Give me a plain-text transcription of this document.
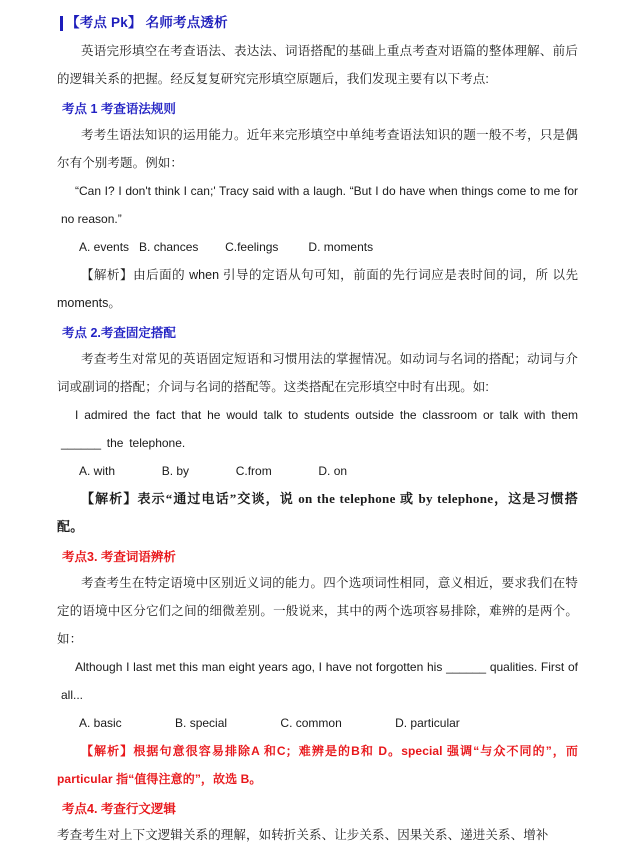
【考点 Pk】 名师考点透析

英语完形填空在考查语法、表达法、词语搭配的基础上重点考查对语篇的整体理解、前后的逻辑关系的把握。经反复复研究完形填空原题后，我们发现主要有以下考点:

考点 1 考查语法规则

考考生语法知识的运用能力。近年来完形填空中单纯考查语法知识的题一般不考，只是偶尔有个别考题。例如：

“Can I? I don't think I can;' Tracy said with a laugh. “But I do have when things come to me for no reason.”

A. events   B. chances        C.feelings         D. moments

【解析】由后面的 when 引导的定语从句可知，前面的先行词应是表时间的词，所 以先 moments。

考点 2.考查固定搭配

考查考生对常见的英语固定短语和习惯用法的掌握情况。如动词与名词的搭配；动词与介词或副词的搭配；介词与名词的搭配等。这类搭配在完形填空中时有出现。如:

I admired the fact that he would talk to students outside the classroom or talk with them ______ the telephone.

A. with              B. by              C.from              D. on

【解析】表示“通过电话”交谈，说 on the telephone 或 by telephone，这是习惯搭配。

考点3. 考查词语辨析

考查考生在特定语境中区别近义词的能力。四个选项词性相同，意义相近，要求我们在特定的语境中区分它们之间的细微差别。一般说来，其中的两个选项容易排除，难辨的是两个。如：

Although I last met this man eight years ago, I have not forgotten his ______ qualities. First of all...

A. basic                B. special                C. common                D. particular

【解析】根据句意很容易排除A 和C；难辨是的B和 D。special 强调“与众不同的”，而 particular 指“值得注意的”，故选 B。

考点4. 考查行文逻辑

考查考生对上下文逻辑关系的理解，如转折关系、让步关系、因果关系、递进关系、增补
